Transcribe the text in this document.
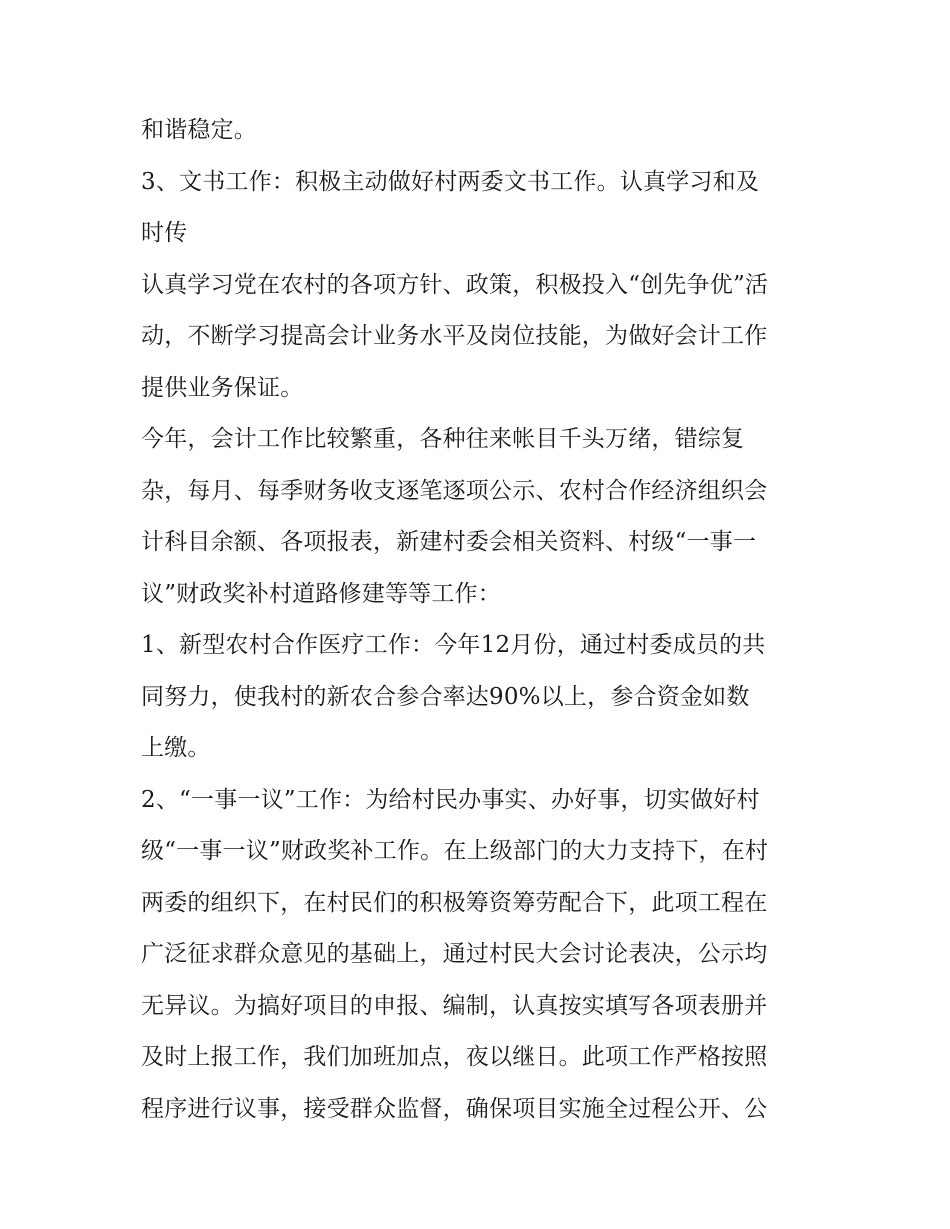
和谐稳定。
3、文书工作：积极主动做好村两委文书工作。认真学习和及
时传
认真学习党在农村的各项方针、政策，积极投入“创先争优”活
动，不断学习提高会计业务水平及岗位技能，为做好会计工作
提供业务保证。
今年，会计工作比较繁重，各种往来帐目千头万绪，错综复
杂，每月、每季财务收支逐笔逐项公示、农村合作经济组织会
计科目余额、各项报表，新建村委会相关资料、村级“一事一
议”财政奖补村道路修建等等工作：
1、新型农村合作医疗工作：今年12月份，通过村委成员的共
同努力，使我村的新农合参合率达90%以上，参合资金如数
上缴。
2、“一事一议”工作：为给村民办事实、办好事，切实做好村
级“一事一议”财政奖补工作。在上级部门的大力支持下，在村
两委的组织下，在村民们的积极筹资筹劳配合下，此项工程在
广泛征求群众意见的基础上，通过村民大会讨论表决，公示均
无异议。为搞好项目的申报、编制，认真按实填写各项表册并
及时上报工作，我们加班加点，夜以继日。此项工作严格按照
程序进行议事，接受群众监督，确保项目实施全过程公开、公
